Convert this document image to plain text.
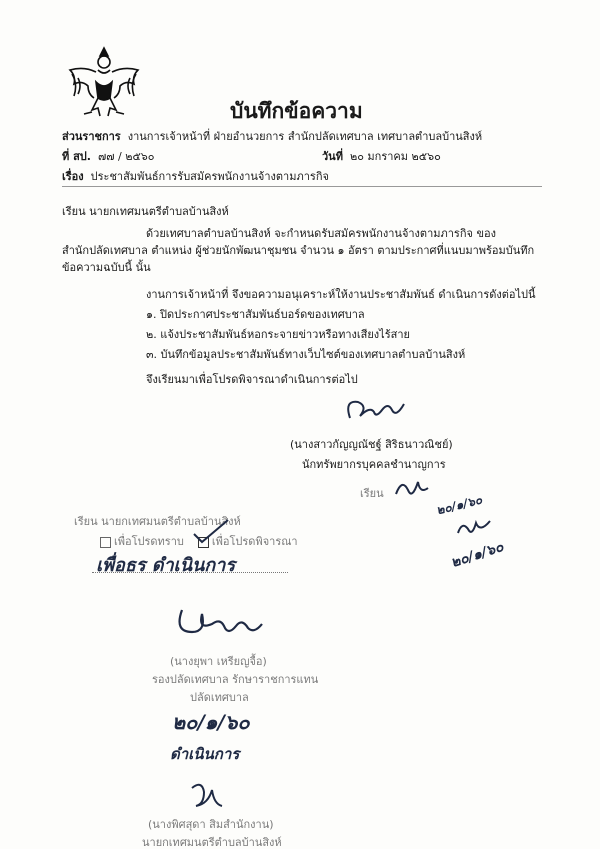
บันทึกข้อความ
ส่วนราชการ งานการเจ้าหน้าที่ ฝ่ายอำนวยการ สำนักปลัดเทศบาล เทศบาลตำบลบ้านสิงห์
ที่ สป. ๗๗ / ๒๕๖๐	วันที่ ๒๐ มกราคม ๒๕๖๐
เรื่อง ประชาสัมพันธ์การรับสมัครพนักงานจ้างตามภารกิจ
เรียน นายกเทศมนตรีตำบลบ้านสิงห์
ด้วยเทศบาลตำบลบ้านสิงห์ จะกำหนดรับสมัครพนักงานจ้างตามภารกิจ ของ
สำนักปลัดเทศบาล ตำแหน่ง ผู้ช่วยนักพัฒนาชุมชน จำนวน ๑ อัตรา ตามประกาศที่แนบมาพร้อมบันทึก
ข้อความฉบับนี้ นั้น
งานการเจ้าหน้าที่ จึงขอความอนุเคราะห์ให้งานประชาสัมพันธ์ ดำเนินการดังต่อไปนี้
๑. ปิดประกาศประชาสัมพันธ์บอร์ดของเทศบาล
๒. แจ้งประชาสัมพันธ์หอกระจายข่าวหรือทางเสียงไร้สาย
๓. บันทึกข้อมูลประชาสัมพันธ์ทางเว็บไซต์ของเทศบาลตำบลบ้านสิงห์
จึงเรียนมาเพื่อโปรดพิจารณาดำเนินการต่อไป
(นางสาวกัญญณัชฐ์ สิริธนาวณิชย์)
นักทรัพยากรบุคคลชำนาญการ
เรียน	๒๐/๑/๖๐
๒๐/๑/๖๐
เรียน นายกเทศมนตรีตำบลบ้านสิงห์
เพื่อโปรดทราบ	เพื่อโปรดพิจารณา
เพื่อธร ดำเนินการ
(นางยุพา เหรียญจื้อ)
รองปลัดเทศบาล รักษาราชการแทน
ปลัดเทศบาล
๒๐/๑/๖๐
ดำเนินการ
(นางพิศสุดา สิมสำนักงาน)
นายกเทศมนตรีตำบลบ้านสิงห์
